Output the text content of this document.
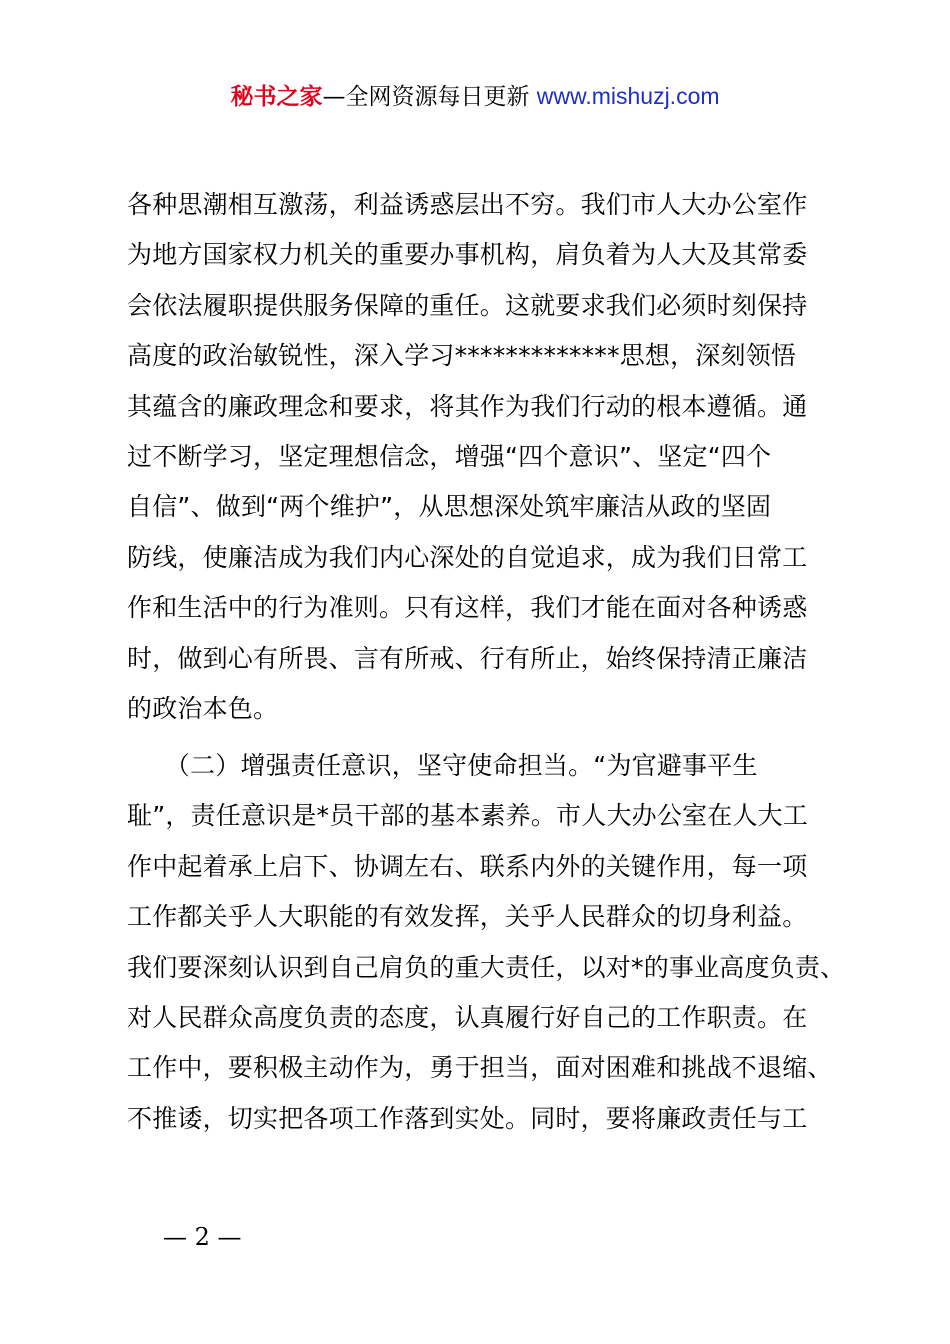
秘书之家—全网资源每日更新 www.mishuzj.com
各种思潮相互激荡，利益诱惑层出不穷。我们市人大办公室作
为地方国家权力机关的重要办事机构，肩负着为人大及其常委
会依法履职提供服务保障的重任。这就要求我们必须时刻保持
高度的政治敏锐性，深入学习*************思想，深刻领悟
其蕴含的廉政理念和要求，将其作为我们行动的根本遵循。通
过不断学习，坚定理想信念，增强“四个意识”、坚定“四个
自信”、做到“两个维护”，从思想深处筑牢廉洁从政的坚固
防线，使廉洁成为我们内心深处的自觉追求，成为我们日常工
作和生活中的行为准则。只有这样，我们才能在面对各种诱惑
时，做到心有所畏、言有所戒、行有所止，始终保持清正廉洁
的政治本色。
　　（二）增强责任意识，坚守使命担当。“为官避事平生
耻”，责任意识是*员干部的基本素养。市人大办公室在人大工
作中起着承上启下、协调左右、联系内外的关键作用，每一项
工作都关乎人大职能的有效发挥，关乎人民群众的切身利益。
我们要深刻认识到自己肩负的重大责任，以对*的事业高度负责、
对人民群众高度负责的态度，认真履行好自己的工作职责。在
工作中，要积极主动作为，勇于担当，面对困难和挑战不退缩、
不推诿，切实把各项工作落到实处。同时，要将廉政责任与工
— 2 —
